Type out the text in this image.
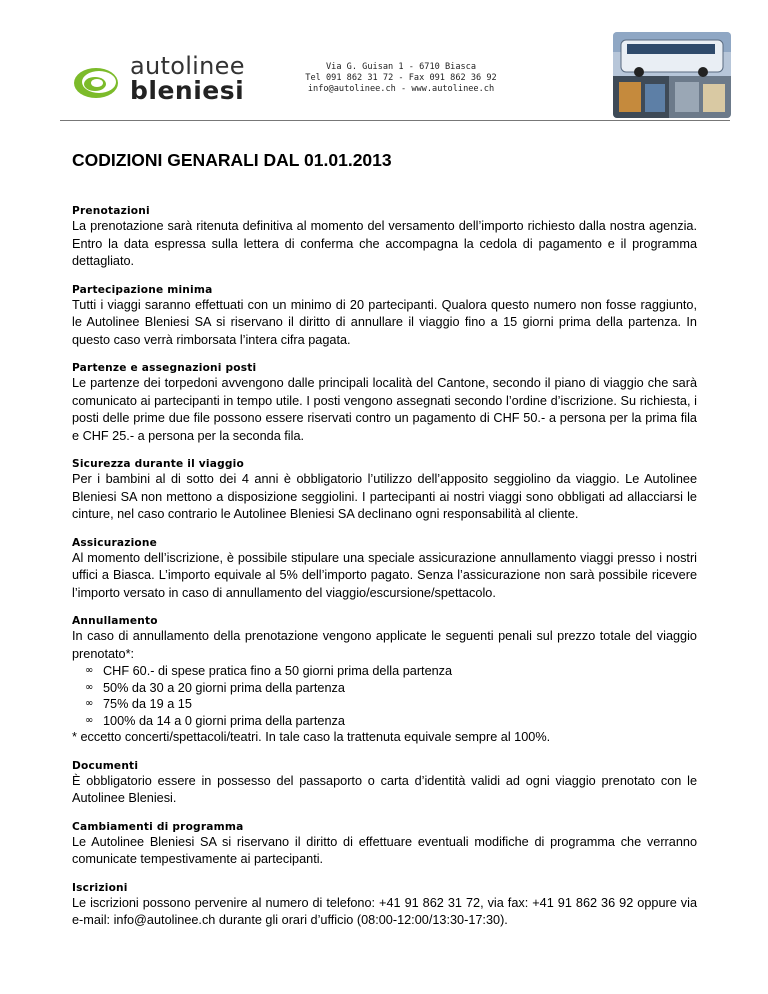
autolinee
bleniesi
Via G. Guisan 1 - 6710 Biasca
Tel 091 862 31 72 - Fax 091 862 36 92
info@autolinee.ch - www.autolinee.ch
CODIZIONI GENARALI DAL 01.01.2013
Prenotazioni

La prenotazione sarà ritenuta definitiva al momento del versamento dell’importo richiesto dalla nostra agenzia. Entro la data espressa sulla lettera di conferma che accompagna la cedola di pagamento e il programma dettagliato.

Partecipazione minima

Tutti i viaggi saranno effettuati con un minimo di 20 partecipanti. Qualora questo numero non fosse raggiunto, le Autolinee Bleniesi SA si riservano il diritto di annullare il viaggio fino a 15 giorni prima della partenza. In questo caso verrà rimborsata l’intera cifra pagata.

Partenze e assegnazioni posti

Le partenze dei torpedoni avvengono dalle principali località del Cantone, secondo il piano di viaggio che sarà comunicato ai partecipanti in tempo utile. I posti vengono assegnati secondo l’ordine d’iscrizione. Su richiesta, i posti delle prime due file possono essere riservati contro un pagamento di CHF 50.- a persona per la prima fila e CHF 25.- a persona per la seconda fila.

Sicurezza durante il viaggio

Per i bambini al di sotto dei 4 anni è obbligatorio l’utilizzo dell’apposito seggiolino da viaggio. Le Autolinee Bleniesi SA non mettono a disposizione seggiolini. I partecipanti ai nostri viaggi sono obbligati ad allacciarsi le cinture, nel caso contrario le Autolinee Bleniesi SA declinano ogni responsabilità al cliente.

Assicurazione

Al momento dell’iscrizione, è possibile stipulare una speciale assicurazione annullamento viaggi presso i nostri uffici a Biasca. L’importo equivale al 5% dell’importo pagato. Senza l’assicurazione non sarà possibile ricevere l’importo versato in caso di annullamento del viaggio/escursione/spettacolo.

Annullamento

In caso di annullamento della prenotazione vengono applicate le seguenti penali sul prezzo totale del viaggio prenotato*:

∞ CHF 60.- di spese pratica fino a 50 giorni prima della partenza
∞ 50% da 30 a 20 giorni prima della partenza
∞ 75% da 19 a 15
∞ 100% da 14 a 0 giorni prima della partenza

* eccetto concerti/spettacoli/teatri. In tale caso la trattenuta equivale sempre al 100%.

Documenti

È obbligatorio essere in possesso del passaporto o carta d’identità validi ad ogni viaggio prenotato con le Autolinee Bleniesi.

Cambiamenti di programma

Le Autolinee Bleniesi SA si riservano il diritto di effettuare eventuali modifiche di programma che verranno comunicate tempestivamente ai partecipanti.

Iscrizioni

Le iscrizioni possono pervenire al numero di telefono: +41 91 862 31 72, via fax: +41 91 862 36 92 oppure via e-mail: info@autolinee.ch durante gli orari d’ufficio (08:00-12:00/13:30-17:30).
